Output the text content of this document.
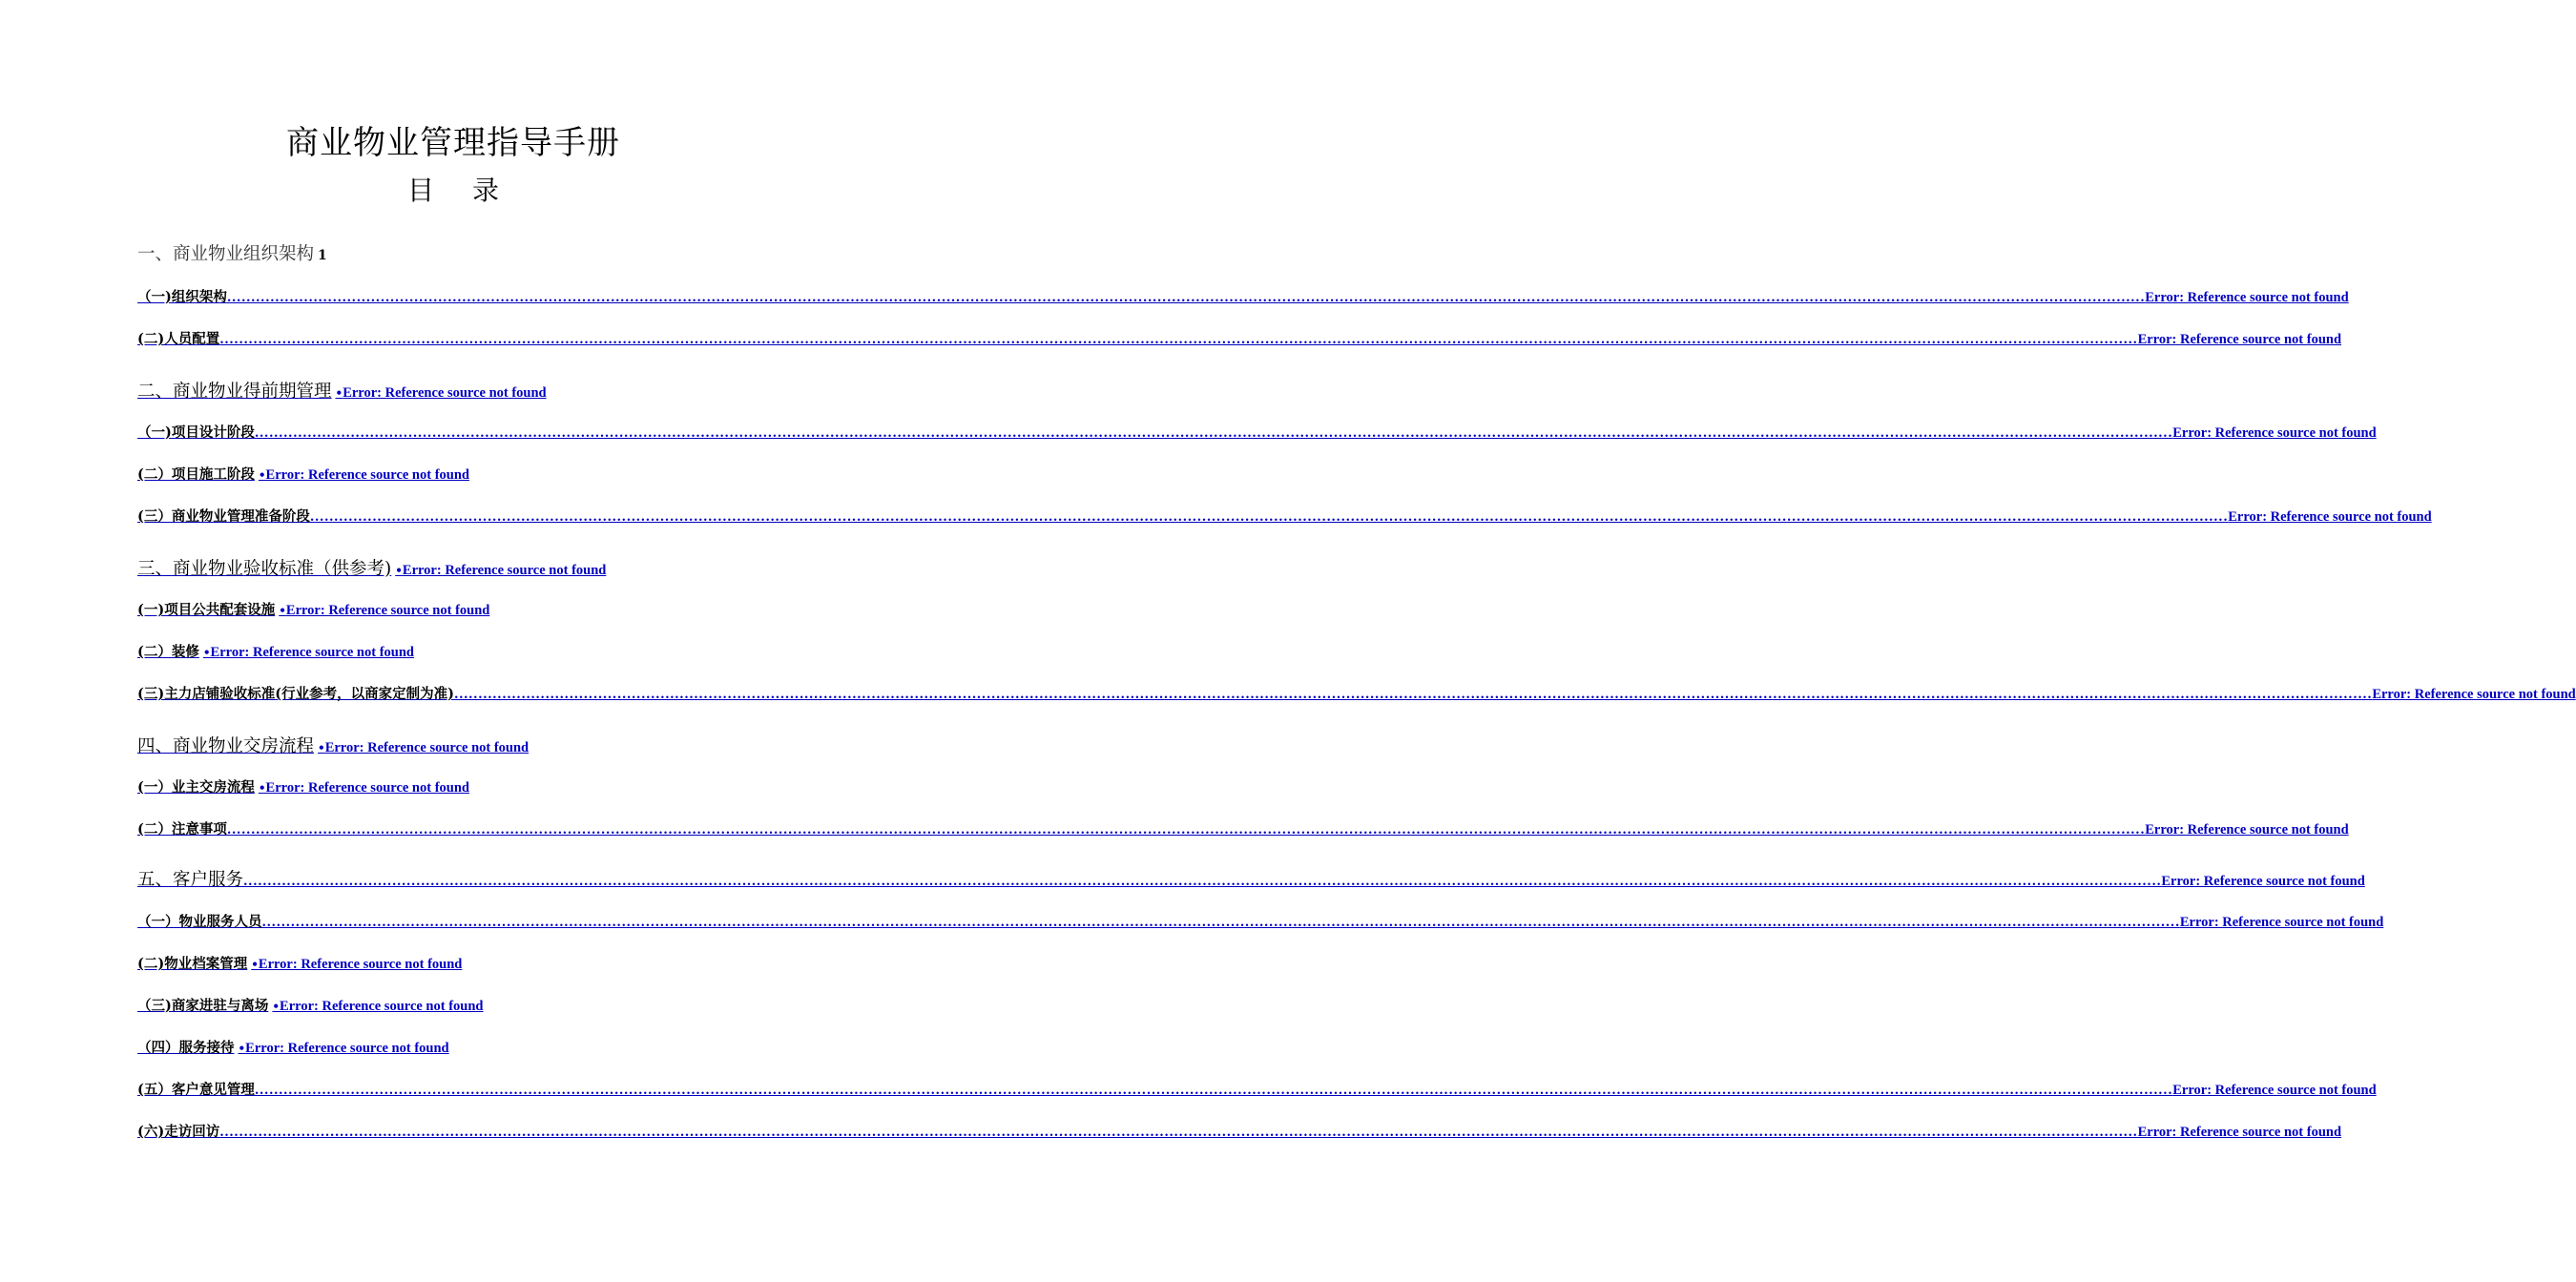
商业物业管理指导手册
目录
一、商业物业组织架构 1
（一)组织架构 ................................................................................................................................................................................................................................................................................................................................................................................................................ Error: Reference source not found
(二)人员配置 ................................................................................................................................................................................................................................................................................................................................................................................................................ Error: Reference source not found
二、商业物业得前期管理 • Error: Reference source not found
（一)项目设计阶段 ................................................................................................................................................................................................................................................................................................................................................................................................................ Error: Reference source not found
(二）项目施工阶段 • Error: Reference source not found
(三）商业物业管理准备阶段 ................................................................................................................................................................................................................................................................................................................................................................................................................ Error: Reference source not found
三、商业物业验收标准（供参考) • Error: Reference source not found
(一)项目公共配套设施 • Error: Reference source not found
(二）装修 • Error: Reference source not found
(三)主力店铺验收标准(行业参考，以商家定制为准) ................................................................................................................................................................................................................................................................................................................................................................................................................ Error: Reference source not found
四、商业物业交房流程 • Error: Reference source not found
(一）业主交房流程 • Error: Reference source not found
(二）注意事项 ................................................................................................................................................................................................................................................................................................................................................................................................................ Error: Reference source not found
五、客户服务 ................................................................................................................................................................................................................................................................................................................................................................................................................ Error: Reference source not found
（一）物业服务人员 ................................................................................................................................................................................................................................................................................................................................................................................................................ Error: Reference source not found
(二)物业档案管理 • Error: Reference source not found
（三)商家进驻与离场 • Error: Reference source not found
（四）服务接待 • Error: Reference source not found
(五）客户意见管理 ................................................................................................................................................................................................................................................................................................................................................................................................................ Error: Reference source not found
(六)走访回访 ................................................................................................................................................................................................................................................................................................................................................................................................................ Error: Reference source not found
